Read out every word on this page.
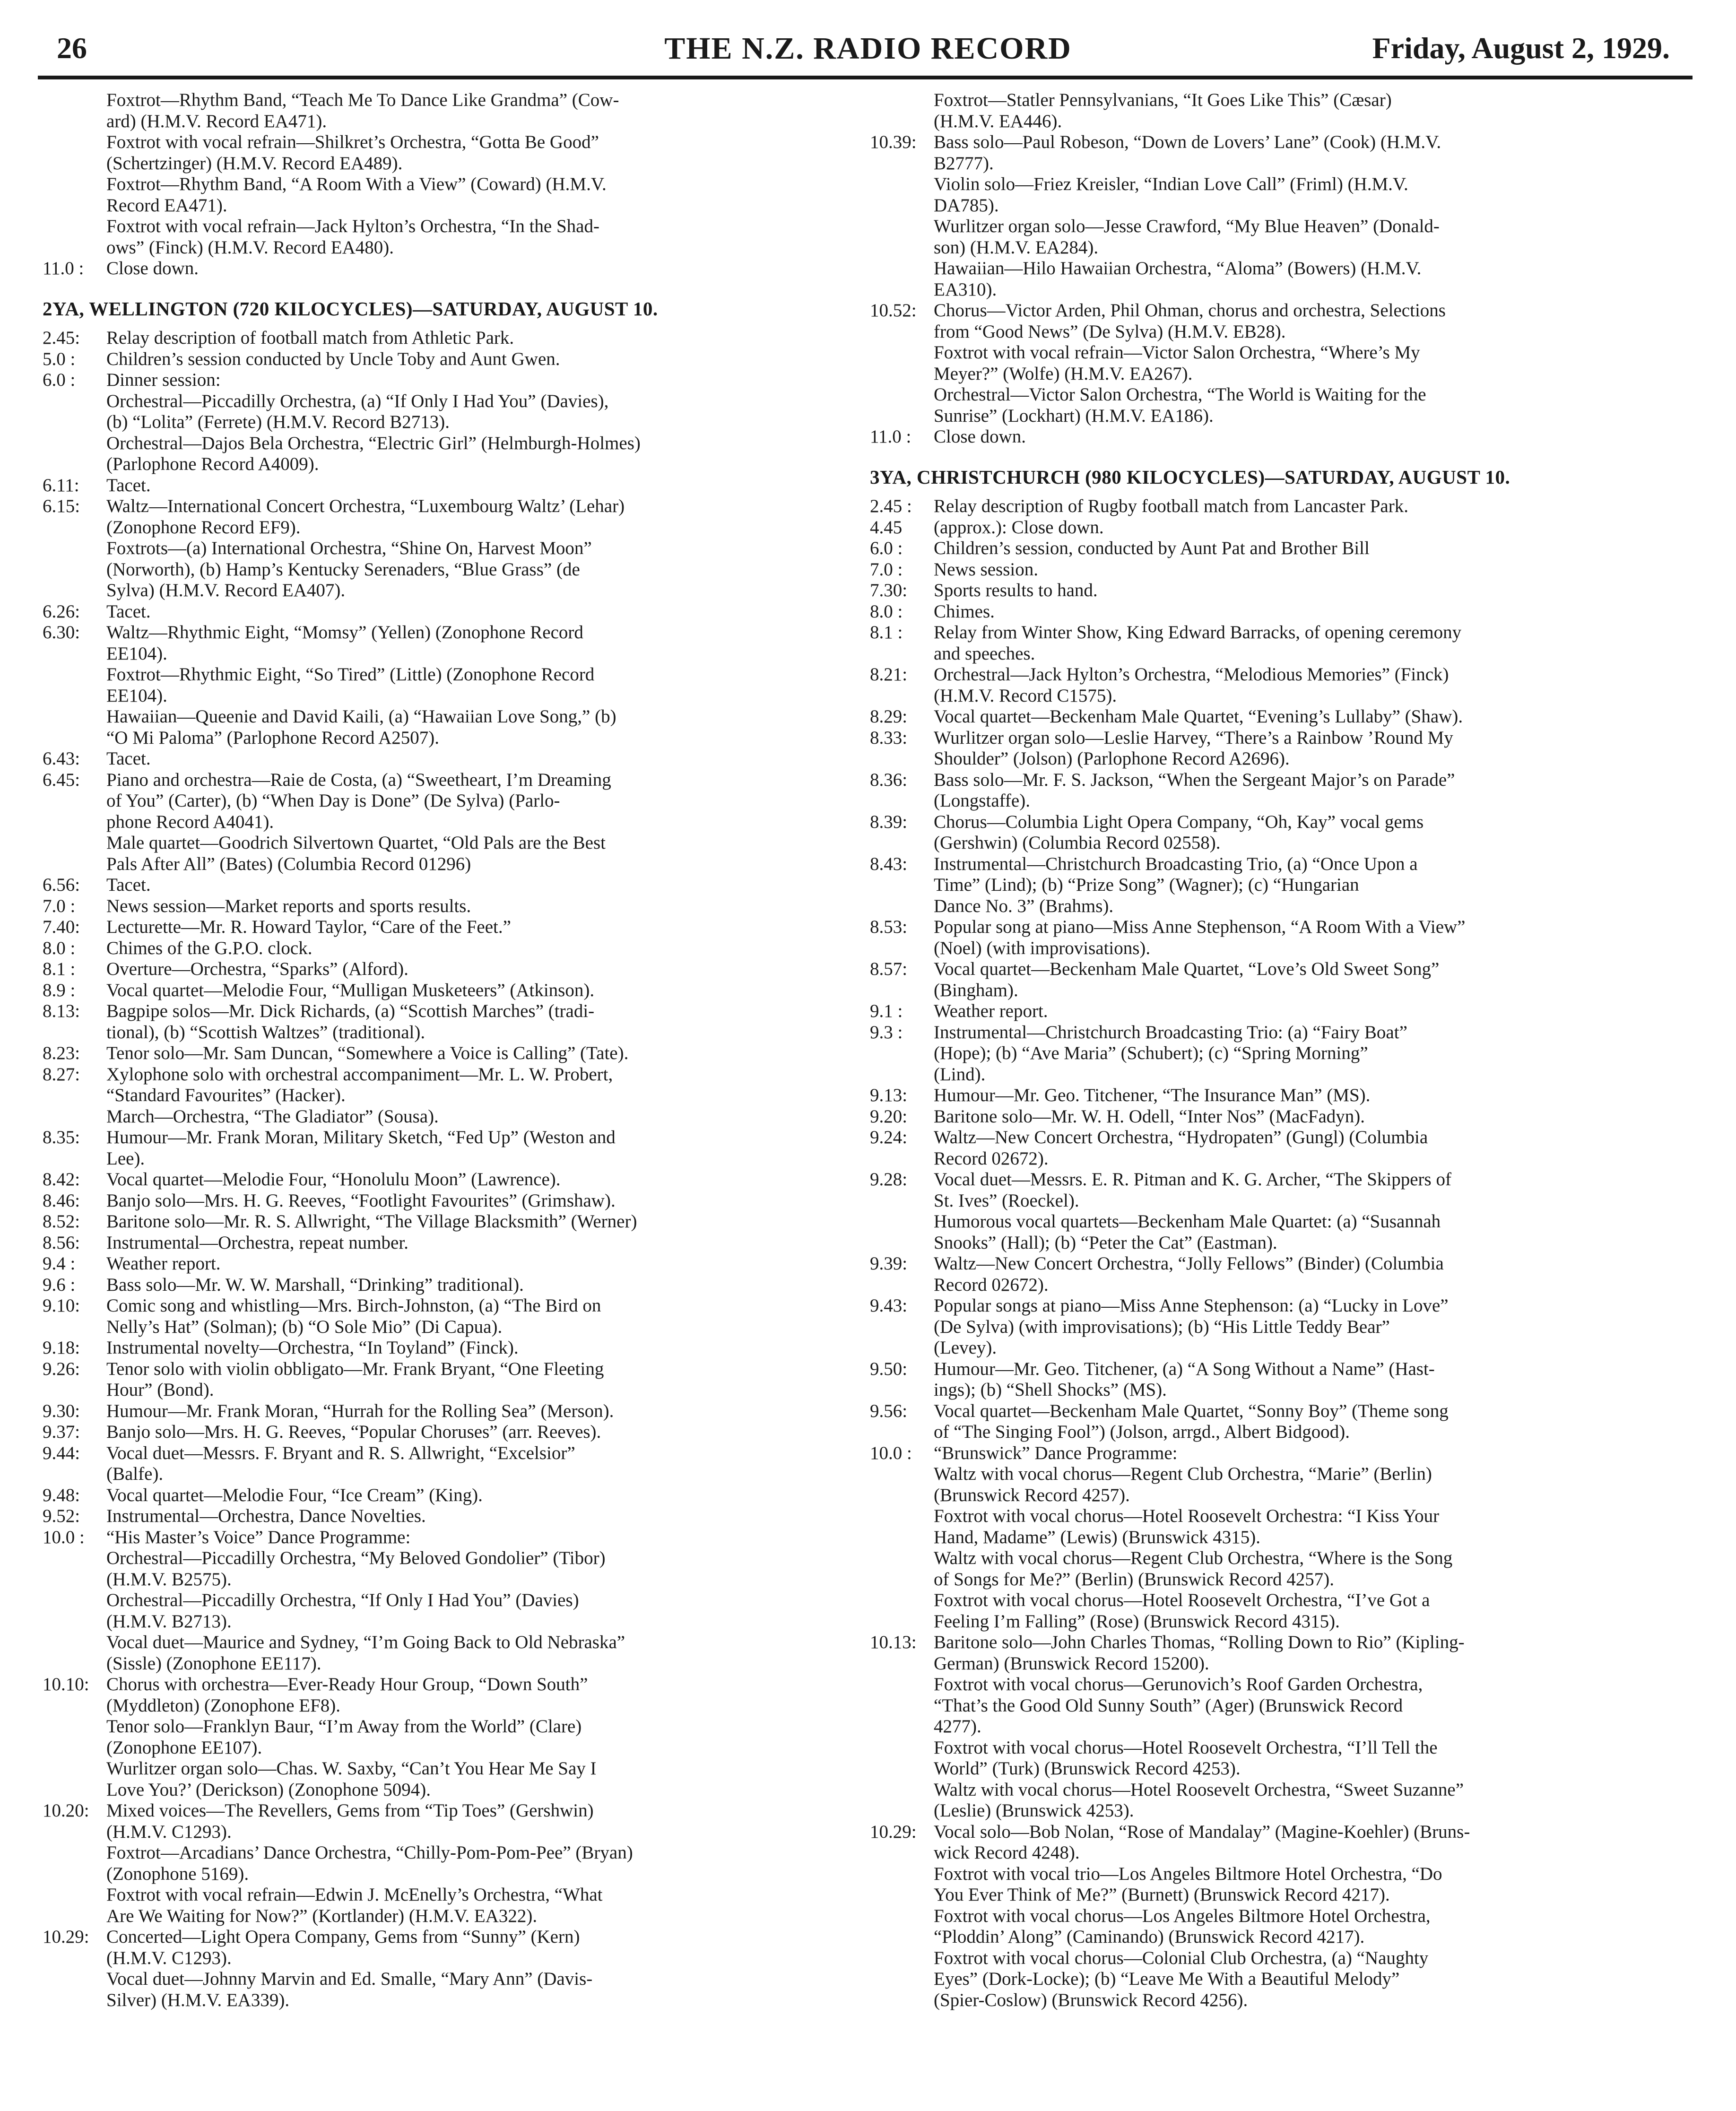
26	THE N.Z. RADIO RECORD	Friday, August 2, 1929.
Foxtrot—Rhythm Band, “Teach Me To Dance Like Grandma” (Cow-
ard) (H.M.V. Record EA471).
Foxtrot with vocal refrain—Shilkret’s Orchestra, “Gotta Be Good”
(Schertzinger) (H.M.V. Record EA489).
Foxtrot—Rhythm Band, “A Room With a View” (Coward) (H.M.V.
Record EA471).
Foxtrot with vocal refrain—Jack Hylton’s Orchestra, “In the Shad-
ows” (Finck) (H.M.V. Record EA480).
11.0 :	Close down.
2YA, WELLINGTON (720 KILOCYCLES)—SATURDAY, AUGUST 10.
2.45:	Relay description of football match from Athletic Park.
5.0 :	Children’s session conducted by Uncle Toby and Aunt Gwen.
6.0 :	Dinner session:
Orchestral—Piccadilly Orchestra, (a) “If Only I Had You” (Davies),
(b) “Lolita” (Ferrete) (H.M.V. Record B2713).
Orchestral—Dajos Bela Orchestra, “Electric Girl” (Helmburgh-Holmes)
(Parlophone Record A4009).
6.11:	Tacet.
6.15:	Waltz—International Concert Orchestra, “Luxembourg Waltz’ (Lehar)
(Zonophone Record EF9).
Foxtrots—(a) International Orchestra, “Shine On, Harvest Moon”
(Norworth), (b) Hamp’s Kentucky Serenaders, “Blue Grass” (de
Sylva) (H.M.V. Record EA407).
6.26:	Tacet.
6.30:	Waltz—Rhythmic Eight, “Momsy” (Yellen) (Zonophone Record
EE104).
Foxtrot—Rhythmic Eight, “So Tired” (Little) (Zonophone Record
EE104).
Hawaiian—Queenie and David Kaili, (a) “Hawaiian Love Song,” (b)
“O Mi Paloma” (Parlophone Record A2507).
6.43:	Tacet.
6.45:	Piano and orchestra—Raie de Costa, (a) “Sweetheart, I’m Dreaming
of You” (Carter), (b) “When Day is Done” (De Sylva) (Parlo-
phone Record A4041).
Male quartet—Goodrich Silvertown Quartet, “Old Pals are the Best
Pals After All” (Bates) (Columbia Record 01296)
6.56:	Tacet.
7.0 :	News session—Market reports and sports results.
7.40:	Lecturette—Mr. R. Howard Taylor, “Care of the Feet.”
8.0 :	Chimes of the G.P.O. clock.
8.1 :	Overture—Orchestra, “Sparks” (Alford).
8.9 :	Vocal quartet—Melodie Four, “Mulligan Musketeers” (Atkinson).
8.13:	Bagpipe solos—Mr. Dick Richards, (a) “Scottish Marches” (tradi-
tional), (b) “Scottish Waltzes” (traditional).
8.23:	Tenor solo—Mr. Sam Duncan, “Somewhere a Voice is Calling” (Tate).
8.27:	Xylophone solo with orchestral accompaniment—Mr. L. W. Probert,
“Standard Favourites” (Hacker).
March—Orchestra, “The Gladiator” (Sousa).
8.35:	Humour—Mr. Frank Moran, Military Sketch, “Fed Up” (Weston and
Lee).
8.42:	Vocal quartet—Melodie Four, “Honolulu Moon” (Lawrence).
8.46:	Banjo solo—Mrs. H. G. Reeves, “Footlight Favourites” (Grimshaw).
8.52:	Baritone solo—Mr. R. S. Allwright, “The Village Blacksmith” (Werner)
8.56:	Instrumental—Orchestra, repeat number.
9.4 :	Weather report.
9.6 :	Bass solo—Mr. W. W. Marshall, “Drinking” traditional).
9.10:	Comic song and whistling—Mrs. Birch-Johnston, (a) “The Bird on
Nelly’s Hat” (Solman); (b) “O Sole Mio” (Di Capua).
9.18:	Instrumental novelty—Orchestra, “In Toyland” (Finck).
9.26:	Tenor solo with violin obbligato—Mr. Frank Bryant, “One Fleeting
Hour” (Bond).
9.30:	Humour—Mr. Frank Moran, “Hurrah for the Rolling Sea” (Merson).
9.37:	Banjo solo—Mrs. H. G. Reeves, “Popular Choruses” (arr. Reeves).
9.44:	Vocal duet—Messrs. F. Bryant and R. S. Allwright, “Excelsior”
(Balfe).
9.48:	Vocal quartet—Melodie Four, “Ice Cream” (King).
9.52:	Instrumental—Orchestra, Dance Novelties.
10.0 :	“His Master’s Voice” Dance Programme:
Orchestral—Piccadilly Orchestra, “My Beloved Gondolier” (Tibor)
(H.M.V. B2575).
Orchestral—Piccadilly Orchestra, “If Only I Had You” (Davies)
(H.M.V. B2713).
Vocal duet—Maurice and Sydney, “I’m Going Back to Old Nebraska”
(Sissle) (Zonophone EE117).
10.10: Chorus with orchestra—Ever-Ready Hour Group, “Down South”
(Myddleton) (Zonophone EF8).
Tenor solo—Franklyn Baur, “I’m Away from the World” (Clare)
(Zonophone EE107).
Wurlitzer organ solo—Chas. W. Saxby, “Can’t You Hear Me Say I
Love You?’ (Derickson) (Zonophone 5094).
10.20: Mixed voices—The Revellers, Gems from “Tip Toes” (Gershwin)
(H.M.V. C1293).
Foxtrot—Arcadians’ Dance Orchestra, “Chilly-Pom-Pom-Pee” (Bryan)
(Zonophone 5169).
Foxtrot with vocal refrain—Edwin J. McEnelly’s Orchestra, “What
Are We Waiting for Now?” (Kortlander) (H.M.V. EA322).
10.29: Concerted—Light Opera Company, Gems from “Sunny” (Kern)
(H.M.V. C1293).
Vocal duet—Johnny Marvin and Ed. Smalle, “Mary Ann” (Davis-
Silver) (H.M.V. EA339).
Foxtrot—Statler Pennsylvanians, “It Goes Like This” (Cæsar)
(H.M.V. EA446).
10.39: Bass solo—Paul Robeson, “Down de Lovers’ Lane” (Cook) (H.M.V.
B2777).
Violin solo—Friez Kreisler, “Indian Love Call” (Friml) (H.M.V.
DA785).
Wurlitzer organ solo—Jesse Crawford, “My Blue Heaven” (Donald-
son) (H.M.V. EA284).
Hawaiian—Hilo Hawaiian Orchestra, “Aloma” (Bowers) (H.M.V.
EA310).
10.52: Chorus—Victor Arden, Phil Ohman, chorus and orchestra, Selections
from “Good News” (De Sylva) (H.M.V. EB28).
Foxtrot with vocal refrain—Victor Salon Orchestra, “Where’s My
Meyer?” (Wolfe) (H.M.V. EA267).
Orchestral—Victor Salon Orchestra, “The World is Waiting for the
Sunrise” (Lockhart) (H.M.V. EA186).
11.0 :	Close down.
3YA, CHRISTCHURCH (980 KILOCYCLES)—SATURDAY, AUGUST 10.
2.45 :	Relay description of Rugby football match from Lancaster Park.
4.45	(approx.): Close down.
6.0 :	Children’s session, conducted by Aunt Pat and Brother Bill
7.0 :	News session.
7.30:	Sports results to hand.
8.0 :	Chimes.
8.1 :	Relay from Winter Show, King Edward Barracks, of opening ceremony
and speeches.
8.21:	Orchestral—Jack Hylton’s Orchestra, “Melodious Memories” (Finck)
(H.M.V. Record C1575).
8.29:	Vocal quartet—Beckenham Male Quartet, “Evening’s Lullaby” (Shaw).
8.33:	Wurlitzer organ solo—Leslie Harvey, “There’s a Rainbow ’Round My
Shoulder” (Jolson) (Parlophone Record A2696).
8.36:	Bass solo—Mr. F. S. Jackson, “When the Sergeant Major’s on Parade”
(Longstaffe).
8.39:	Chorus—Columbia Light Opera Company, “Oh, Kay” vocal gems
(Gershwin) (Columbia Record 02558).
8.43:	Instrumental—Christchurch Broadcasting Trio, (a) “Once Upon a
Time” (Lind); (b) “Prize Song” (Wagner); (c) “Hungarian
Dance No. 3” (Brahms).
8.53:	Popular song at piano—Miss Anne Stephenson, “A Room With a View”
(Noel) (with improvisations).
8.57:	Vocal quartet—Beckenham Male Quartet, “Love’s Old Sweet Song”
(Bingham).
9.1 :	Weather report.
9.3 :	Instrumental—Christchurch Broadcasting Trio: (a) “Fairy Boat”
(Hope); (b) “Ave Maria” (Schubert); (c) “Spring Morning”
(Lind).
9.13:	Humour—Mr. Geo. Titchener, “The Insurance Man” (MS).
9.20:	Baritone solo—Mr. W. H. Odell, “Inter Nos” (MacFadyn).
9.24:	Waltz—New Concert Orchestra, “Hydropaten” (Gungl) (Columbia
Record 02672).
9.28:	Vocal duet—Messrs. E. R. Pitman and K. G. Archer, “The Skippers of
St. Ives” (Roeckel).
Humorous vocal quartets—Beckenham Male Quartet: (a) “Susannah
Snooks” (Hall); (b) “Peter the Cat” (Eastman).
9.39:	Waltz—New Concert Orchestra, “Jolly Fellows” (Binder) (Columbia
Record 02672).
9.43:	Popular songs at piano—Miss Anne Stephenson: (a) “Lucky in Love”
(De Sylva) (with improvisations); (b) “His Little Teddy Bear”
(Levey).
9.50:	Humour—Mr. Geo. Titchener, (a) “A Song Without a Name” (Hast-
ings); (b) “Shell Shocks” (MS).
9.56:	Vocal quartet—Beckenham Male Quartet, “Sonny Boy” (Theme song
of “The Singing Fool”) (Jolson, arrgd., Albert Bidgood).
10.0 :	“Brunswick” Dance Programme:
Waltz with vocal chorus—Regent Club Orchestra, “Marie” (Berlin)
(Brunswick Record 4257).
Foxtrot with vocal chorus—Hotel Roosevelt Orchestra: “I Kiss Your
Hand, Madame” (Lewis) (Brunswick 4315).
Waltz with vocal chorus—Regent Club Orchestra, “Where is the Song
of Songs for Me?” (Berlin) (Brunswick Record 4257).
Foxtrot with vocal chorus—Hotel Roosevelt Orchestra, “I’ve Got a
Feeling I’m Falling” (Rose) (Brunswick Record 4315).
10.13: Baritone solo—John Charles Thomas, “Rolling Down to Rio” (Kipling-
German) (Brunswick Record 15200).
Foxtrot with vocal chorus—Gerunovich’s Roof Garden Orchestra,
“That’s the Good Old Sunny South” (Ager) (Brunswick Record
4277).
Foxtrot with vocal chorus—Hotel Roosevelt Orchestra, “I’ll Tell the
World” (Turk) (Brunswick Record 4253).
Waltz with vocal chorus—Hotel Roosevelt Orchestra, “Sweet Suzanne”
(Leslie) (Brunswick 4253).
10.29: Vocal solo—Bob Nolan, “Rose of Mandalay” (Magine-Koehler) (Bruns-
wick Record 4248).
Foxtrot with vocal trio—Los Angeles Biltmore Hotel Orchestra, “Do
You Ever Think of Me?” (Burnett) (Brunswick Record 4217).
Foxtrot with vocal chorus—Los Angeles Biltmore Hotel Orchestra,
“Ploddin’ Along” (Caminando) (Brunswick Record 4217).
Foxtrot with vocal chorus—Colonial Club Orchestra, (a) “Naughty
Eyes” (Dork-Locke); (b) “Leave Me With a Beautiful Melody”
(Spier-Coslow) (Brunswick Record 4256).
